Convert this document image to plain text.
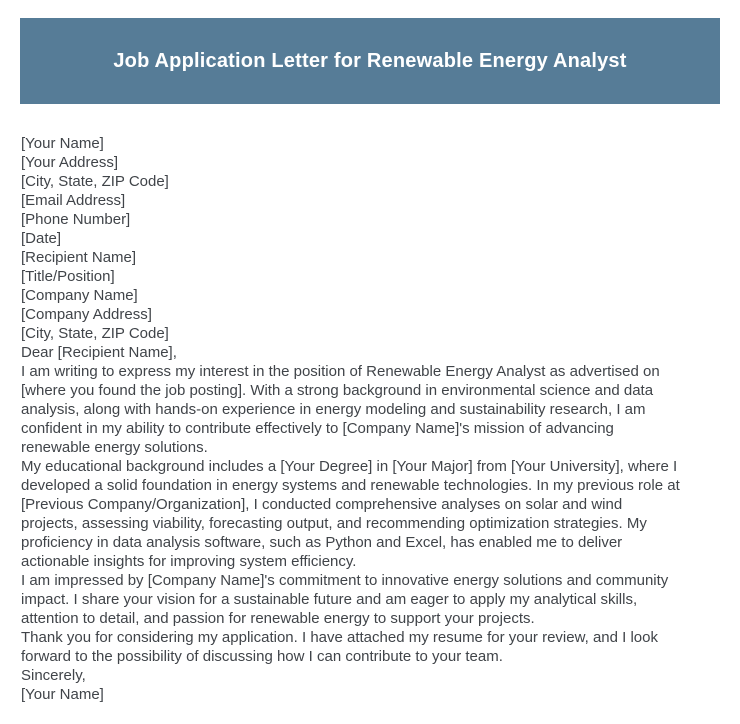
Job Application Letter for Renewable Energy Analyst
[Your Name]
[Your Address]
[City, State, ZIP Code]
[Email Address]
[Phone Number]
[Date]
[Recipient Name]
[Title/Position]
[Company Name]
[Company Address]
[City, State, ZIP Code]
Dear [Recipient Name],
I am writing to express my interest in the position of Renewable Energy Analyst as advertised on
[where you found the job posting]. With a strong background in environmental science and data
analysis, along with hands-on experience in energy modeling and sustainability research, I am
confident in my ability to contribute effectively to [Company Name]'s mission of advancing
renewable energy solutions.
My educational background includes a [Your Degree] in [Your Major] from [Your University], where I
developed a solid foundation in energy systems and renewable technologies. In my previous role at
[Previous Company/Organization], I conducted comprehensive analyses on solar and wind
projects, assessing viability, forecasting output, and recommending optimization strategies. My
proficiency in data analysis software, such as Python and Excel, has enabled me to deliver
actionable insights for improving system efficiency.
I am impressed by [Company Name]'s commitment to innovative energy solutions and community
impact. I share your vision for a sustainable future and am eager to apply my analytical skills,
attention to detail, and passion for renewable energy to support your projects.
Thank you for considering my application. I have attached my resume for your review, and I look
forward to the possibility of discussing how I can contribute to your team.
Sincerely,
[Your Name]
